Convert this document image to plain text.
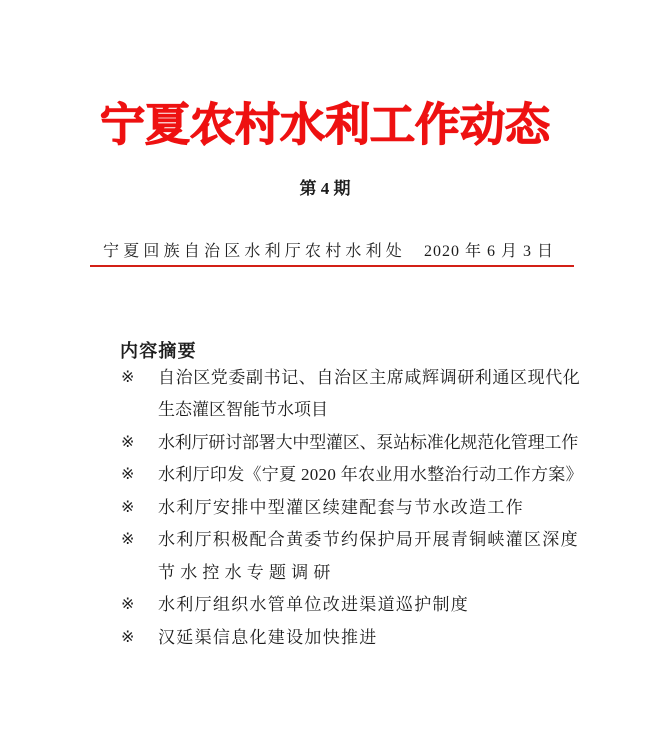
宁夏农村水利工作动态
第 4 期
宁夏回族自治区水利厅农村水利处 2020 年 6 月 3 日
内容摘要
※	自治区党委副书记、自治区主席咸辉调研利通区现代化
生态灌区智能节水项目
※	水利厅研讨部署大中型灌区、泵站标准化规范化管理工作
※	水利厅印发《宁夏 2020 年农业用水整治行动工作方案》
※	水利厅安排中型灌区续建配套与节水改造工作
※	水利厅积极配合黄委节约保护局开展青铜峡灌区深度
节水控水专题调研
※	水利厅组织水管单位改进渠道巡护制度
※	汉延渠信息化建设加快推进
